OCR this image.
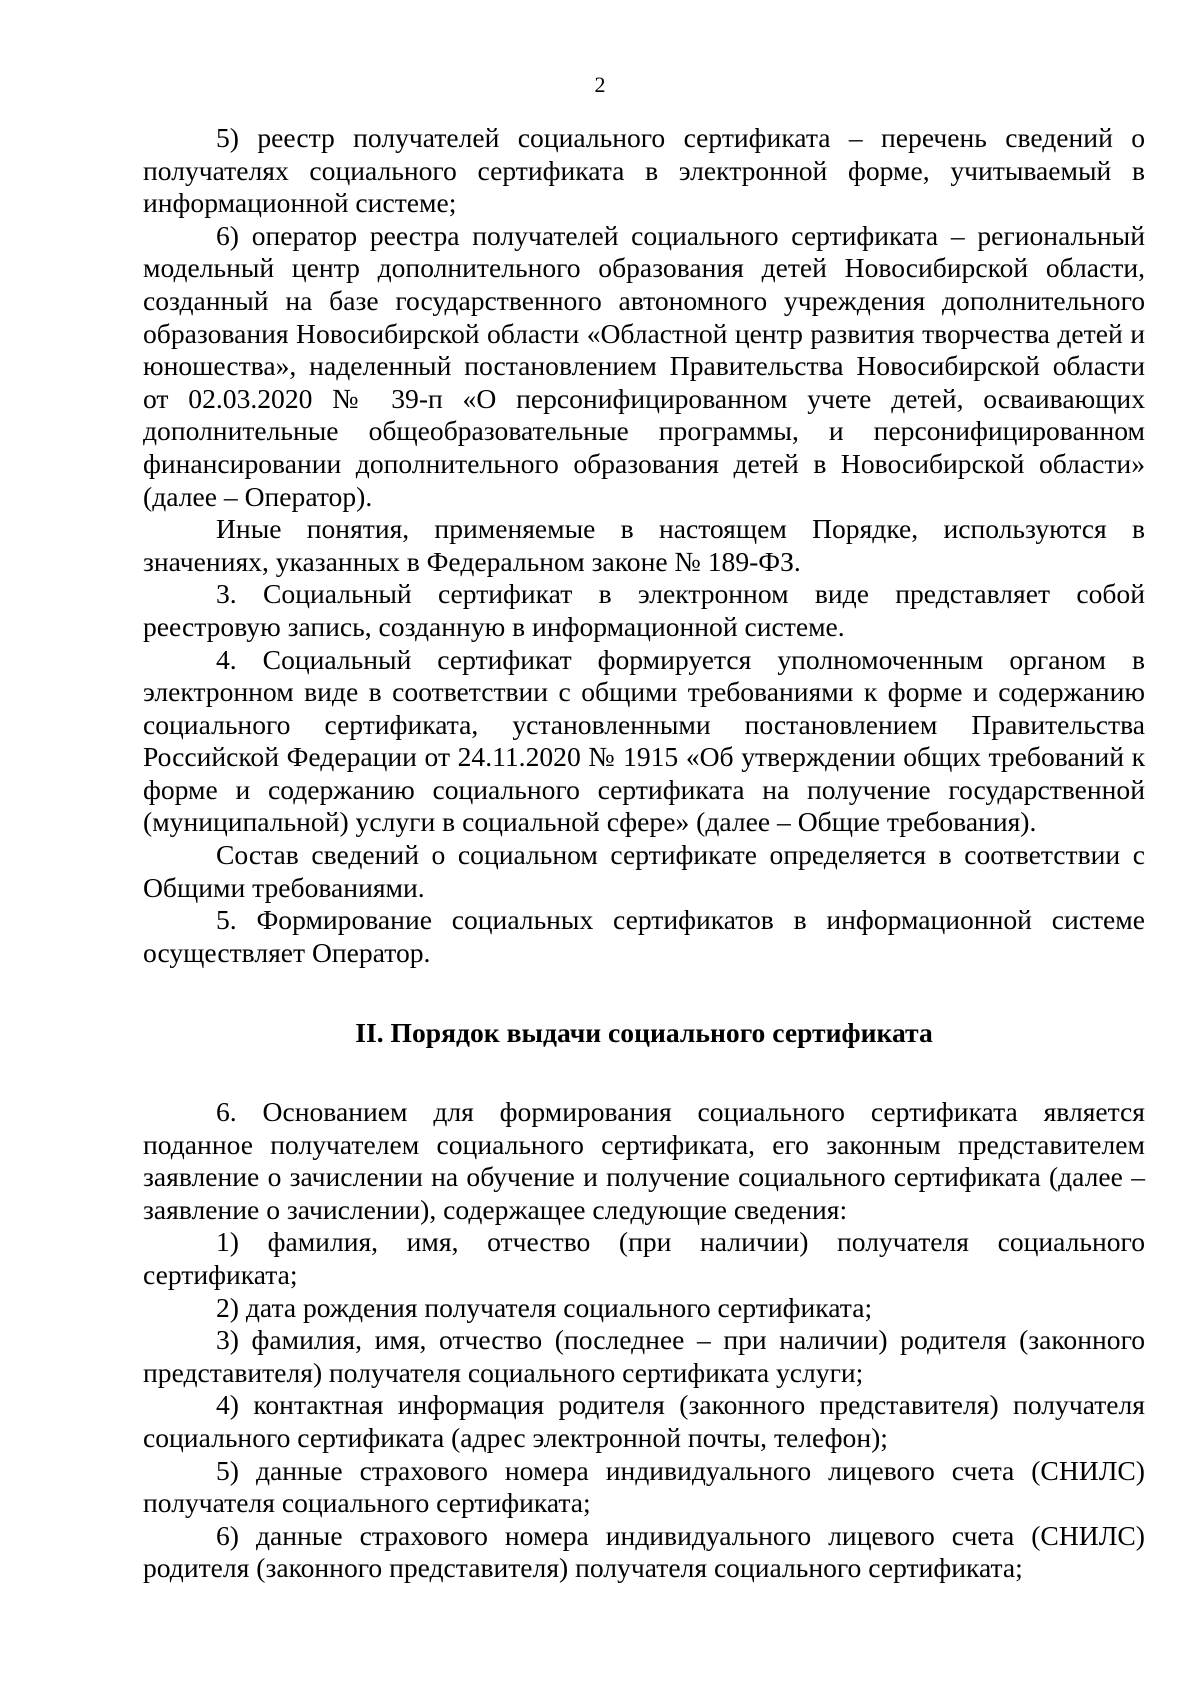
2

5) реестр получателей социального сертификата – перечень сведений о получателях социального сертификата в электронной форме, учитываемый в информационной системе;

6) оператор реестра получателей социального сертификата – региональный модельный центр дополнительного образования детей Новосибирской области, созданный на базе государственного автономного учреждения дополнительного образования Новосибирской области «Областной центр развития творчества детей и юношества», наделенный постановлением Правительства Новосибирской области от 02.03.2020 № 39-п «О персонифицированном учете детей, осваивающих дополнительные общеобразовательные программы, и персонифицированном финансировании дополнительного образования детей в Новосибирской области» (далее – Оператор).

Иные понятия, применяемые в настоящем Порядке, используются в значениях, указанных в Федеральном законе № 189-ФЗ.

3. Социальный сертификат в электронном виде представляет собой реестровую запись, созданную в информационной системе.

4. Социальный сертификат формируется уполномоченным органом в электронном виде в соответствии с общими требованиями к форме и содержанию социального сертификата, установленными постановлением Правительства Российской Федерации от 24.11.2020 № 1915 «Об утверждении общих требований к форме и содержанию социального сертификата на получение государственной (муниципальной) услуги в социальной сфере» (далее – Общие требования).

Состав сведений о социальном сертификате определяется в соответствии с Общими требованиями.

5. Формирование социальных сертификатов в информационной системе осуществляет Оператор.

II. Порядок выдачи социального сертификата

6. Основанием для формирования социального сертификата является поданное получателем социального сертификата, его законным представителем заявление о зачислении на обучение и получение социального сертификата (далее – заявление о зачислении), содержащее следующие сведения:

1) фамилия, имя, отчество (при наличии) получателя социального сертификата;

2) дата рождения получателя социального сертификата;

3) фамилия, имя, отчество (последнее – при наличии) родителя (законного представителя) получателя социального сертификата услуги;

4) контактная информация родителя (законного представителя) получателя социального сертификата (адрес электронной почты, телефон);

5) данные страхового номера индивидуального лицевого счета (СНИЛС) получателя социального сертификата;

6) данные страхового номера индивидуального лицевого счета (СНИЛС) родителя (законного представителя) получателя социального сертификата;
